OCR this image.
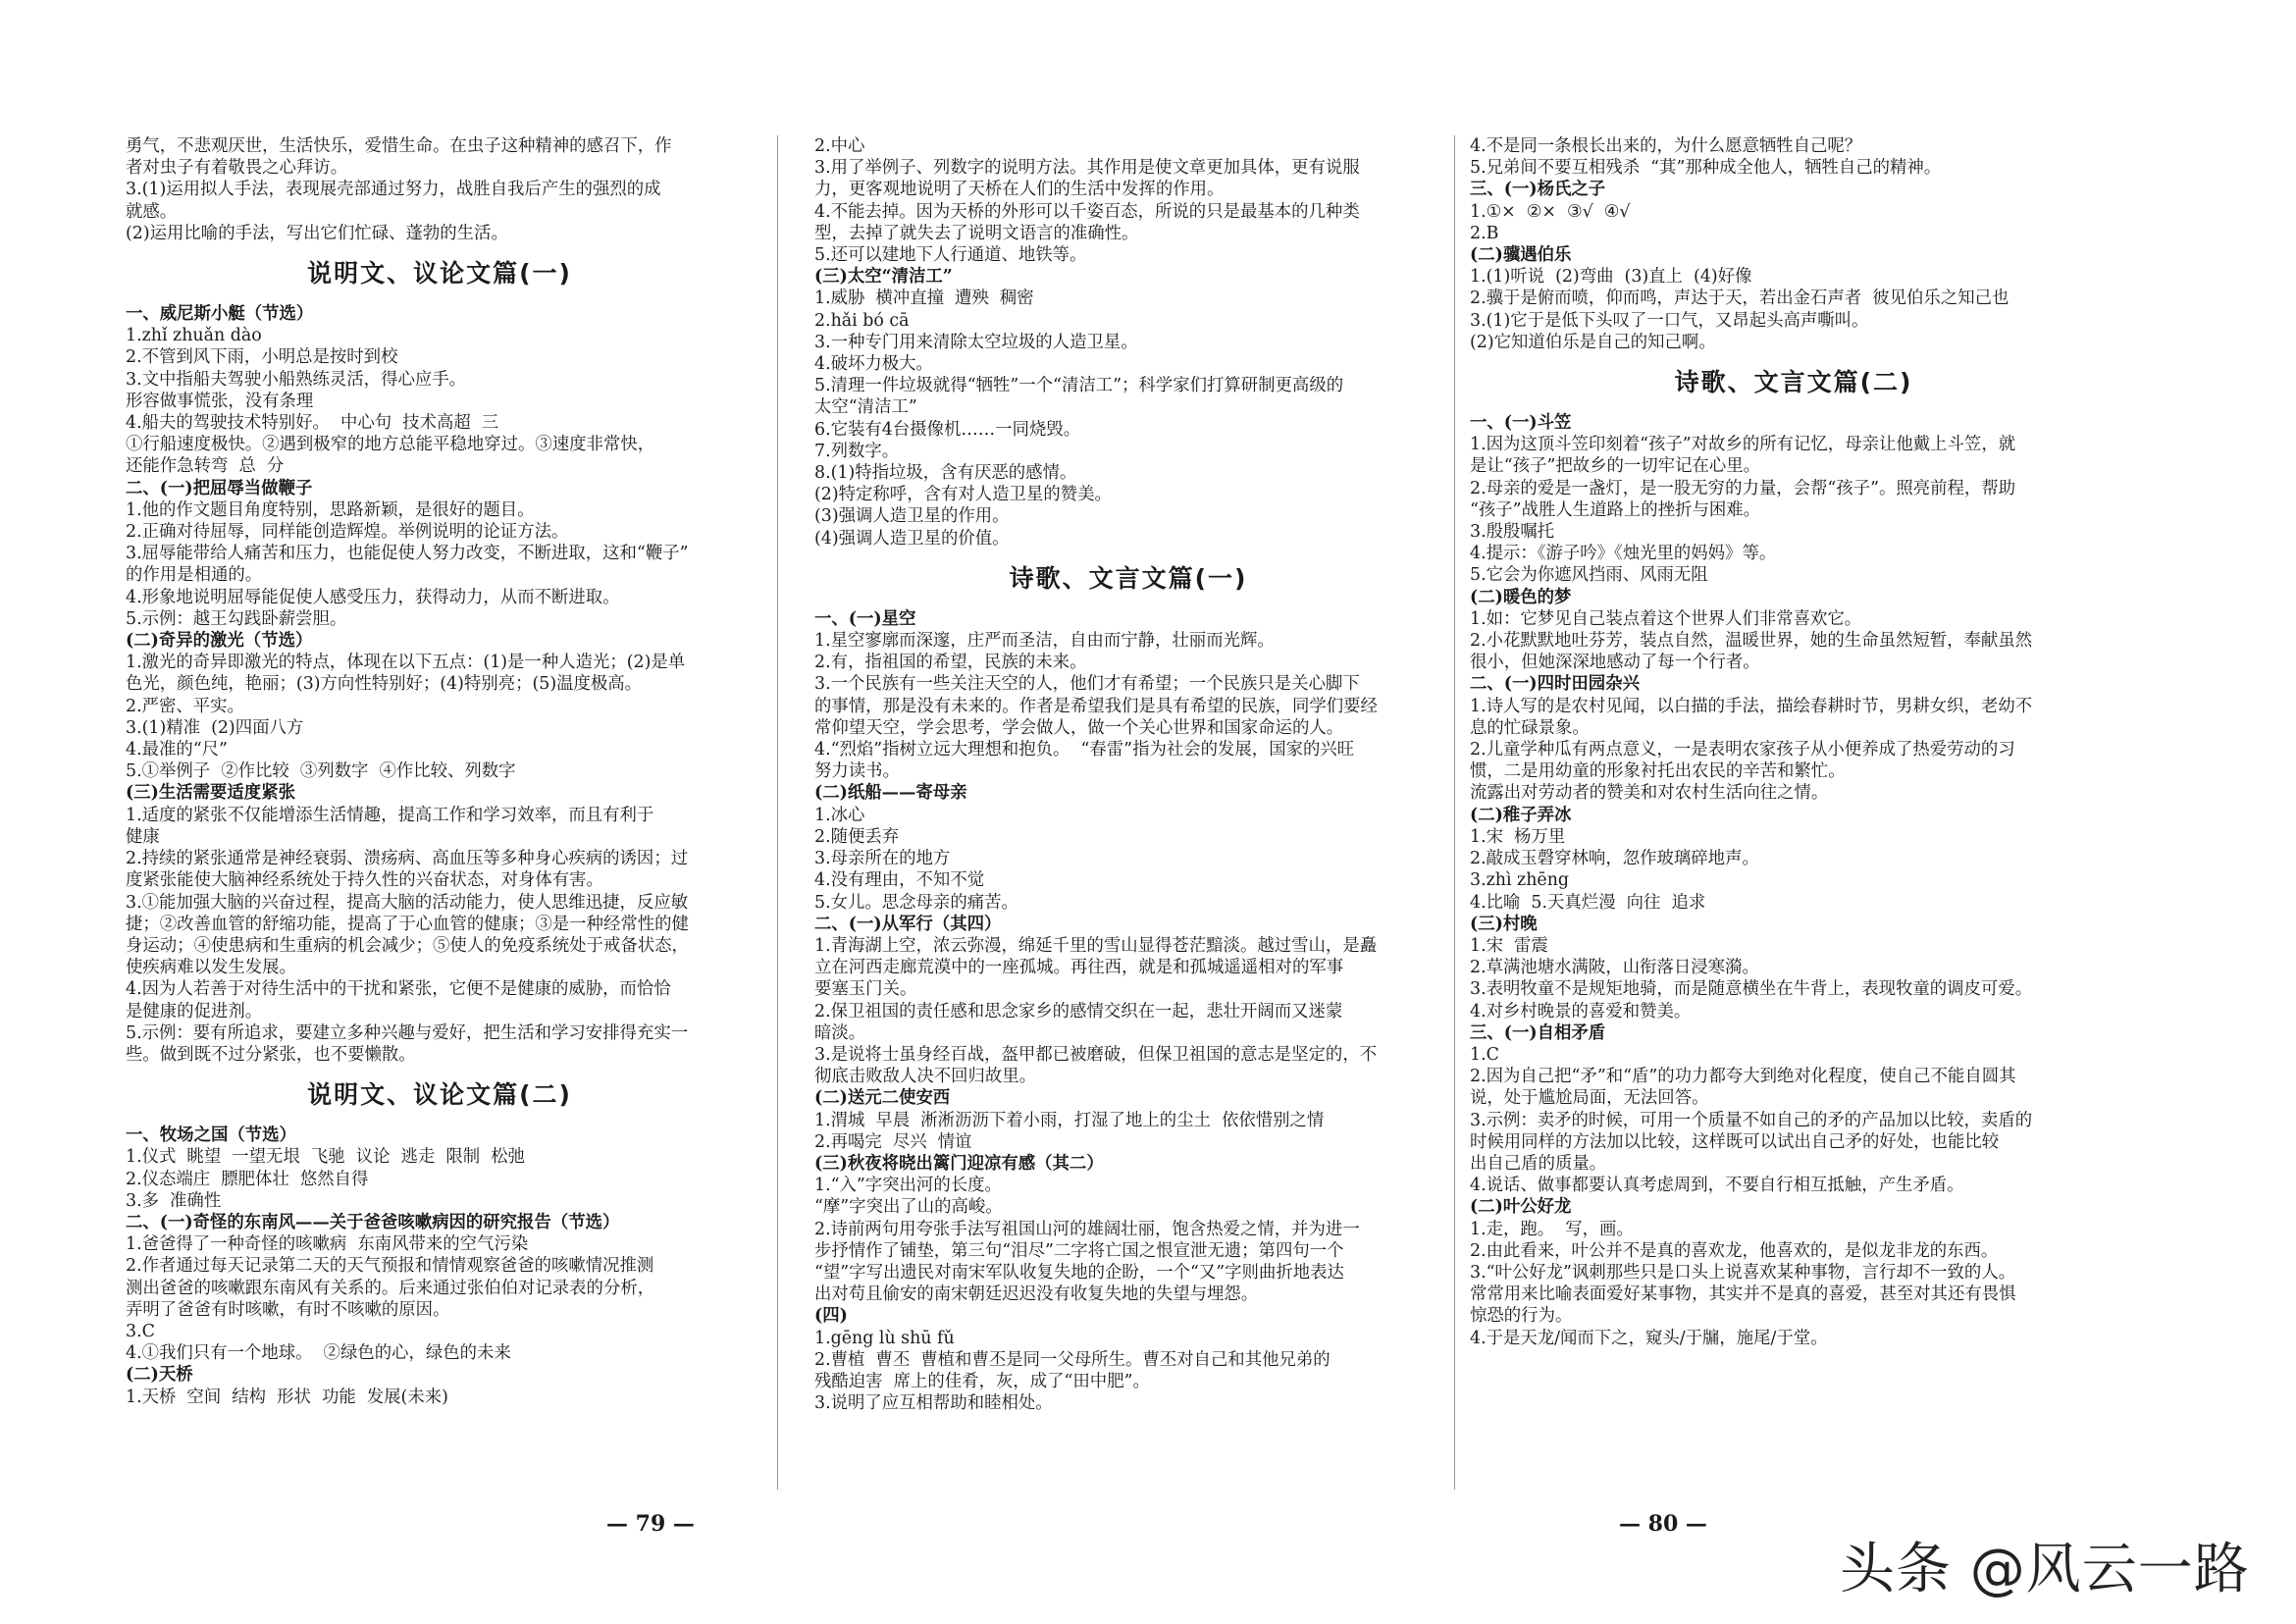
勇气，不悲观厌世，生活快乐，爱惜生命。在虫子这种精神的感召下，作
者对虫子有着敬畏之心拜访。
3.(1)运用拟人手法，表现展壳部通过努力，战胜自我后产生的强烈的成
就感。
(2)运用比喻的手法，写出它们忙碌、蓬勃的生活。
说明文、议论文篇(一)
一、威尼斯小艇（节选）
1.zhǐ zhuǎn dào
2.不管到风下雨，小明总是按时到校
3.文中指船夫驾驶小船熟练灵活，得心应手。
形容做事慌张，没有条理
4.船夫的驾驶技术特别好。  中心句  技术高超  三
①行船速度极快。②遇到极窄的地方总能平稳地穿过。③速度非常快，
还能作急转弯  总  分
二、(一)把屈辱当做鞭子
1.他的作文题目角度特别，思路新颖，是很好的题目。
2.正确对待屈辱，同样能创造辉煌。举例说明的论证方法。
3.屈辱能带给人痛苦和压力，也能促使人努力改变，不断进取，这和“鞭子”
的作用是相通的。
4.形象地说明屈辱能促使人感受压力，获得动力，从而不断进取。
5.示例：越王勾践卧薪尝胆。
(二)奇异的激光（节选）
1.激光的奇异即激光的特点，体现在以下五点：(1)是一种人造光；(2)是单
色光，颜色纯，艳丽；(3)方向性特别好；(4)特别亮；(5)温度极高。
2.严密、平实。
3.(1)精准  (2)四面八方
4.最准的“尺”
5.①举例子  ②作比较  ③列数字  ④作比较、列数字
(三)生活需要适度紧张
1.适度的紧张不仅能增添生活情趣，提高工作和学习效率，而且有利于
健康
2.持续的紧张通常是神经衰弱、溃疡病、高血压等多种身心疾病的诱因；过
度紧张能使大脑神经系统处于持久性的兴奋状态，对身体有害。
3.①能加强大脑的兴奋过程，提高大脑的活动能力，使人思维迅捷，反应敏
捷；②改善血管的舒缩功能，提高了于心血管的健康；③是一种经常性的健
身运动；④使患病和生重病的机会减少；⑤使人的免疫系统处于戒备状态，
使疾病难以发生发展。
4.因为人若善于对待生活中的干扰和紧张，它便不是健康的威胁，而恰恰
是健康的促进剂。
5.示例：要有所追求，要建立多种兴趣与爱好，把生活和学习安排得充实一
些。做到既不过分紧张，也不要懒散。
说明文、议论文篇(二)
一、牧场之国（节选）
1.仪式  眺望  一望无垠  飞驰  议论  逃走  限制  松弛
2.仪态端庄  膘肥体壮  悠然自得
3.多  准确性
二、(一)奇怪的东南风——关于爸爸咳嗽病因的研究报告（节选）
1.爸爸得了一种奇怪的咳嗽病  东南风带来的空气污染
2.作者通过每天记录第二天的天气预报和情情观察爸爸的咳嗽情况推测
测出爸爸的咳嗽跟东南风有关系的。后来通过张伯伯对记录表的分析，
弄明了爸爸有时咳嗽，有时不咳嗽的原因。
3.C
4.①我们只有一个地球。  ②绿色的心，绿色的未来
(二)天桥
1.天桥  空间  结构  形状  功能  发展(未来)
2.中心
3.用了举例子、列数字的说明方法。其作用是使文章更加具体，更有说服
力，更客观地说明了天桥在人们的生活中发挥的作用。
4.不能去掉。因为天桥的外形可以千姿百态，所说的只是最基本的几种类
型，去掉了就失去了说明文语言的准确性。
5.还可以建地下人行通道、地铁等。
(三)太空“清洁工”
1.威胁  横冲直撞  遭殃  稠密
2.hǎi bó cā
3.一种专门用来清除太空垃圾的人造卫星。
4.破坏力极大。
5.清理一件垃圾就得“牺牲”一个“清洁工”；科学家们打算研制更高级的
太空“清洁工”
6.它装有4台摄像机……一同烧毁。
7.列数字。
8.(1)特指垃圾，含有厌恶的感情。
(2)特定称呼，含有对人造卫星的赞美。
(3)强调人造卫星的作用。
(4)强调人造卫星的价值。
诗歌、文言文篇(一)
一、(一)星空
1.星空寥廓而深邃，庄严而圣洁，自由而宁静，壮丽而光辉。
2.有，指祖国的希望，民族的未来。
3.一个民族有一些关注天空的人，他们才有希望；一个民族只是关心脚下
的事情，那是没有未来的。作者是希望我们是具有希望的民族，同学们要经
常仰望天空，学会思考，学会做人，做一个关心世界和国家命运的人。
4.“烈焰”指树立远大理想和抱负。  “春雷”指为社会的发展，国家的兴旺
努力读书。
(二)纸船——寄母亲
1.冰心
2.随便丢弃
3.母亲所在的地方
4.没有理由，不知不觉
5.女儿。思念母亲的痛苦。
二、(一)从军行（其四）
1.青海湖上空，浓云弥漫，绵延千里的雪山显得苍茫黯淡。越过雪山，是矗
立在河西走廊荒漠中的一座孤城。再往西，就是和孤城遥遥相对的军事
要塞玉门关。
2.保卫祖国的责任感和思念家乡的感情交织在一起，悲壮开阔而又迷蒙
暗淡。
3.是说将士虽身经百战，盔甲都已被磨破，但保卫祖国的意志是坚定的，不
彻底击败敌人决不回归故里。
(二)送元二使安西
1.渭城  早晨  淅淅沥沥下着小雨，打湿了地上的尘土  依依惜别之情
2.再喝完  尽兴  情谊
(三)秋夜将晓出篱门迎凉有感（其二）
1.“入”字突出河的长度。
“摩”字突出了山的高峻。
2.诗前两句用夸张手法写祖国山河的雄阔壮丽，饱含热爱之情，并为进一
步抒情作了铺垫，第三句“泪尽”二字将亡国之恨宣泄无遗；第四句一个
“望”字写出遗民对南宋军队收复失地的企盼，一个“又”字则曲折地表达
出对苟且偷安的南宋朝廷迟迟没有收复失地的失望与埋怨。
(四)
1.gēng lù shū fǔ
2.曹植  曹丕  曹植和曹丕是同一父母所生。曹丕对自己和其他兄弟的
残酷迫害  席上的佳肴，灰，成了“田中肥”。
3.说明了应互相帮助和睦相处。
4.不是同一条根长出来的，为什么愿意牺牲自己呢？
5.兄弟间不要互相残杀  “萁”那种成全他人，牺牲自己的精神。
三、(一)杨氏之子
1.①×  ②×  ③√  ④√
2.B
(二)骥遇伯乐
1.(1)听说  (2)弯曲  (3)直上  (4)好像
2.骥于是俯而喷，仰而鸣，声达于天，若出金石声者  彼见伯乐之知己也
3.(1)它于是低下头叹了一口气，又昂起头高声嘶叫。
(2)它知道伯乐是自己的知己啊。
诗歌、文言文篇(二)
一、(一)斗笠
1.因为这顶斗笠印刻着“孩子”对故乡的所有记忆，母亲让他戴上斗笠，就
是让“孩子”把故乡的一切牢记在心里。
2.母亲的爱是一盏灯，是一股无穷的力量，会帮“孩子”。照亮前程，帮助
“孩子”战胜人生道路上的挫折与困难。
3.殷殷嘱托
4.提示：《游子吟》《烛光里的妈妈》等。
5.它会为你遮风挡雨、风雨无阻
(二)暖色的梦
1.如：它梦见自己装点着这个世界人们非常喜欢它。
2.小花默默地吐芬芳，装点自然，温暖世界，她的生命虽然短暂，奉献虽然
很小，但她深深地感动了每一个行者。
二、(一)四时田园杂兴
1.诗人写的是农村见闻，以白描的手法，描绘春耕时节，男耕女织，老幼不
息的忙碌景象。
2.儿童学种瓜有两点意义，一是表明农家孩子从小便养成了热爱劳动的习
惯，二是用幼童的形象衬托出农民的辛苦和繁忙。
流露出对劳动者的赞美和对农村生活向往之情。
(二)稚子弄冰
1.宋  杨万里
2.敲成玉磬穿林响，忽作玻璃碎地声。
3.zhì zhēng
4.比喻  5.天真烂漫  向往  追求
(三)村晚
1.宋  雷震
2.草满池塘水满陂，山衔落日浸寒漪。
3.表明牧童不是规矩地骑，而是随意横坐在牛背上，表现牧童的调皮可爱。
4.对乡村晚景的喜爱和赞美。
三、(一)自相矛盾
1.C
2.因为自己把“矛”和“盾”的功力都夸大到绝对化程度，使自己不能自圆其
说，处于尴尬局面，无法回答。
3.示例：卖矛的时候，可用一个质量不如自己的矛的产品加以比较，卖盾的
时候用同样的方法加以比较，这样既可以试出自己矛的好处，也能比较
出自己盾的质量。
4.说话、做事都要认真考虑周到，不要自行相互抵触，产生矛盾。
(二)叶公好龙
1.走，跑。  写，画。
2.由此看来，叶公并不是真的喜欢龙，他喜欢的，是似龙非龙的东西。
3.“叶公好龙”讽刺那些只是口头上说喜欢某种事物，言行却不一致的人。
常常用来比喻表面爱好某事物，其实并不是真的喜爱，甚至对其还有畏惧
惊恐的行为。
4.于是天龙/闻而下之，窥头/于牖，施尾/于堂。
— 79 —	— 80 —
头条 @风云一路
